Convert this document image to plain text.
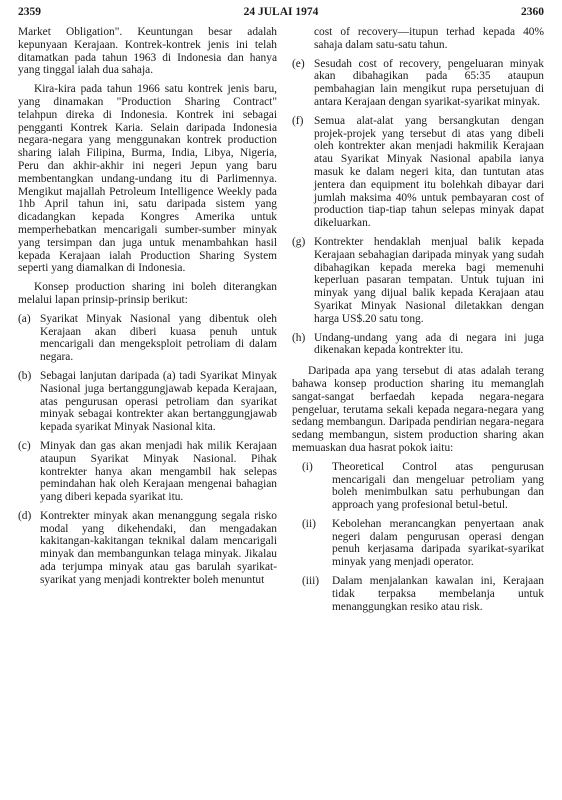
2359	24 JULAI 1974	2360

Market Obligation". Keuntungan besar adalah kepunyaan Kerajaan. Kontrek-kontrek jenis ini telah ditamatkan pada tahun 1963 di Indonesia dan hanya yang tinggal ialah dua sahaja.

Kira-kira pada tahun 1966 satu kontrek jenis baru, yang dinamakan "Production Sharing Contract" telahpun direka di Indonesia. Kontrek ini sebagai pengganti Kontrek Karia. Selain daripada Indonesia negara-negara yang menggunakan kontrek production sharing ialah Filipina, Burma, India, Libya, Nigeria, Peru dan akhir-akhir ini negeri Jepun yang baru membentangkan undang-undang itu di Parlimennya. Mengikut majallah Petroleum Intelligence Weekly pada 1hb April tahun ini, satu daripada sistem yang dicadangkan kepada Kongres Amerika untuk memperhebatkan mencarigali sumber-sumber minyak yang tersimpan dan juga untuk menambahkan hasil kepada Kerajaan ialah Production Sharing System seperti yang diamalkan di Indonesia.

Konsep production sharing ini boleh diterangkan melalui lapan prinsip-prinsip berikut:

(a) Syarikat Minyak Nasional yang dibentuk oleh Kerajaan akan diberi kuasa penuh untuk mencarigali dan mengeksploit petroliam di dalam negara.
(b) Sebagai lanjutan daripada (a) tadi Syarikat Minyak Nasional juga bertanggungjawab kepada Kerajaan, atas pengurusan operasi petroliam dan syarikat minyak sebagai kontrekter akan bertanggungjawab kepada syarikat Minyak Nasional kita.
(c) Minyak dan gas akan menjadi hak milik Kerajaan ataupun Syarikat Minyak Nasional. Pihak kontrekter hanya akan mengambil hak selepas pemindahan hak oleh Kerajaan mengenai bahagian yang diberi kepada syarikat itu.
(d) Kontrekter minyak akan menanggung segala risko modal yang dikehendaki, dan mengadakan kakitangan-kakitangan teknikal dalam mencarigali minyak dan membangunkan telaga minyak. Jikalau ada terjumpa minyak atau gas barulah syarikat-syarikat yang menjadi kontrekter boleh menuntut

cost of recovery—itupun terhad kepada 40% sahaja dalam satu-satu tahun.

(e) Sesudah cost of recovery, pengeluaran minyak akan dibahagikan pada 65:35 ataupun pembahagian lain mengikut rupa persetujuan di antara Kerajaan dengan syarikat-syarikat minyak.
(f) Semua alat-alat yang bersangkutan dengan projek-projek yang tersebut di atas yang dibeli oleh kontrekter akan menjadi hakmilik Kerajaan atau Syarikat Minyak Nasional apabila ianya masuk ke dalam negeri kita, dan tuntutan atas jentera dan equipment itu bolehkah dibayar dari jumlah maksima 40% untuk pembayaran cost of production tiap-tiap tahun selepas minyak dapat dikeluarkan.
(g) Kontrekter hendaklah menjual balik kepada Kerajaan sebahagian daripada minyak yang sudah dibahagikan kepada mereka bagi memenuhi keperluan pasaran tempatan. Untuk tujuan ini minyak yang dijual balik kepada Kerajaan atau Syarikat Minyak Nasional diletakkan dengan harga US$.20 satu tong.
(h) Undang-undang yang ada di negara ini juga dikenakan kepada kontrekter itu.

Daripada apa yang tersebut di atas adalah terang bahawa konsep production sharing itu memanglah sangat-sangat berfaedah kepada negara-negara pengeluar, terutama sekali kepada negara-negara yang sedang membangun. Daripada pendirian negara-negara sedang membangun, sistem production sharing akan memuaskan dua hasrat pokok iaitu:

(i)	Theoretical Control atas pengurusan mencarigali dan mengeluar petroliam yang boleh menimbulkan satu perhubungan dan approach yang profesional betul-betul.
(ii)	Kebolehan merancangkan penyertaan anak negeri dalam pengurusan operasi dengan penuh kerjasama daripada syarikat-syarikat minyak yang menjadi operator.
(iii)	Dalam menjalankan kawalan ini, Kerajaan tidak terpaksa membelanja untuk menanggungkan resiko atau risk.
